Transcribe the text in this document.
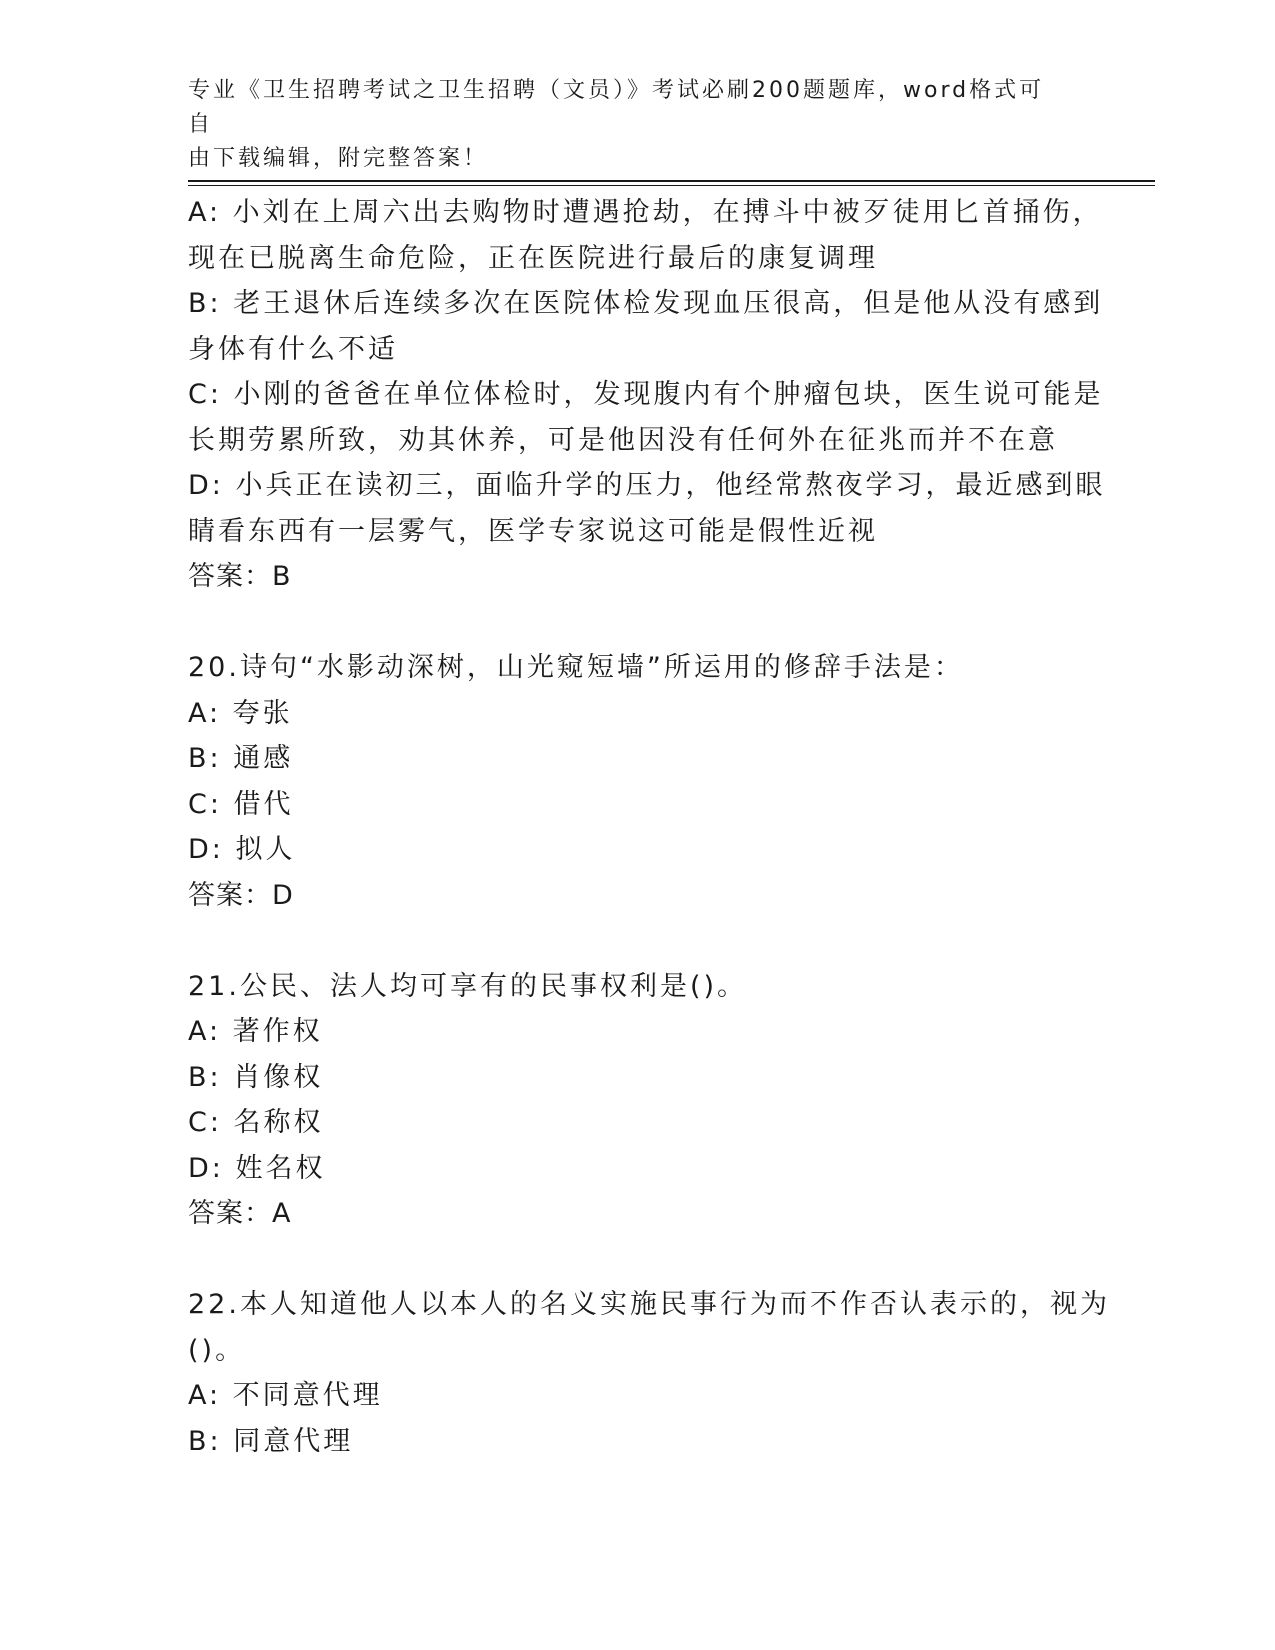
专业《卫生招聘考试之卫生招聘（文员）》考试必刷200题题库，word格式可自
由下载编辑，附完整答案！
A: 小刘在上周六出去购物时遭遇抢劫，在搏斗中被歹徒用匕首捅伤，
现在已脱离生命危险，正在医院进行最后的康复调理
B: 老王退休后连续多次在医院体检发现血压很高，但是他从没有感到
身体有什么不适
C: 小刚的爸爸在单位体检时，发现腹内有个肿瘤包块，医生说可能是
长期劳累所致，劝其休养，可是他因没有任何外在征兆而并不在意
D: 小兵正在读初三，面临升学的压力，他经常熬夜学习，最近感到眼
睛看东西有一层雾气，医学专家说这可能是假性近视
答案：B
20.诗句“水影动深树，山光窥短墙”所运用的修辞手法是：
A: 夸张
B: 通感
C: 借代
D: 拟人
答案：D
21.公民、法人均可享有的民事权利是()。
A: 著作权
B: 肖像权
C: 名称权
D: 姓名权
答案：A
22.本人知道他人以本人的名义实施民事行为而不作否认表示的，视为
()。
A: 不同意代理
B: 同意代理
